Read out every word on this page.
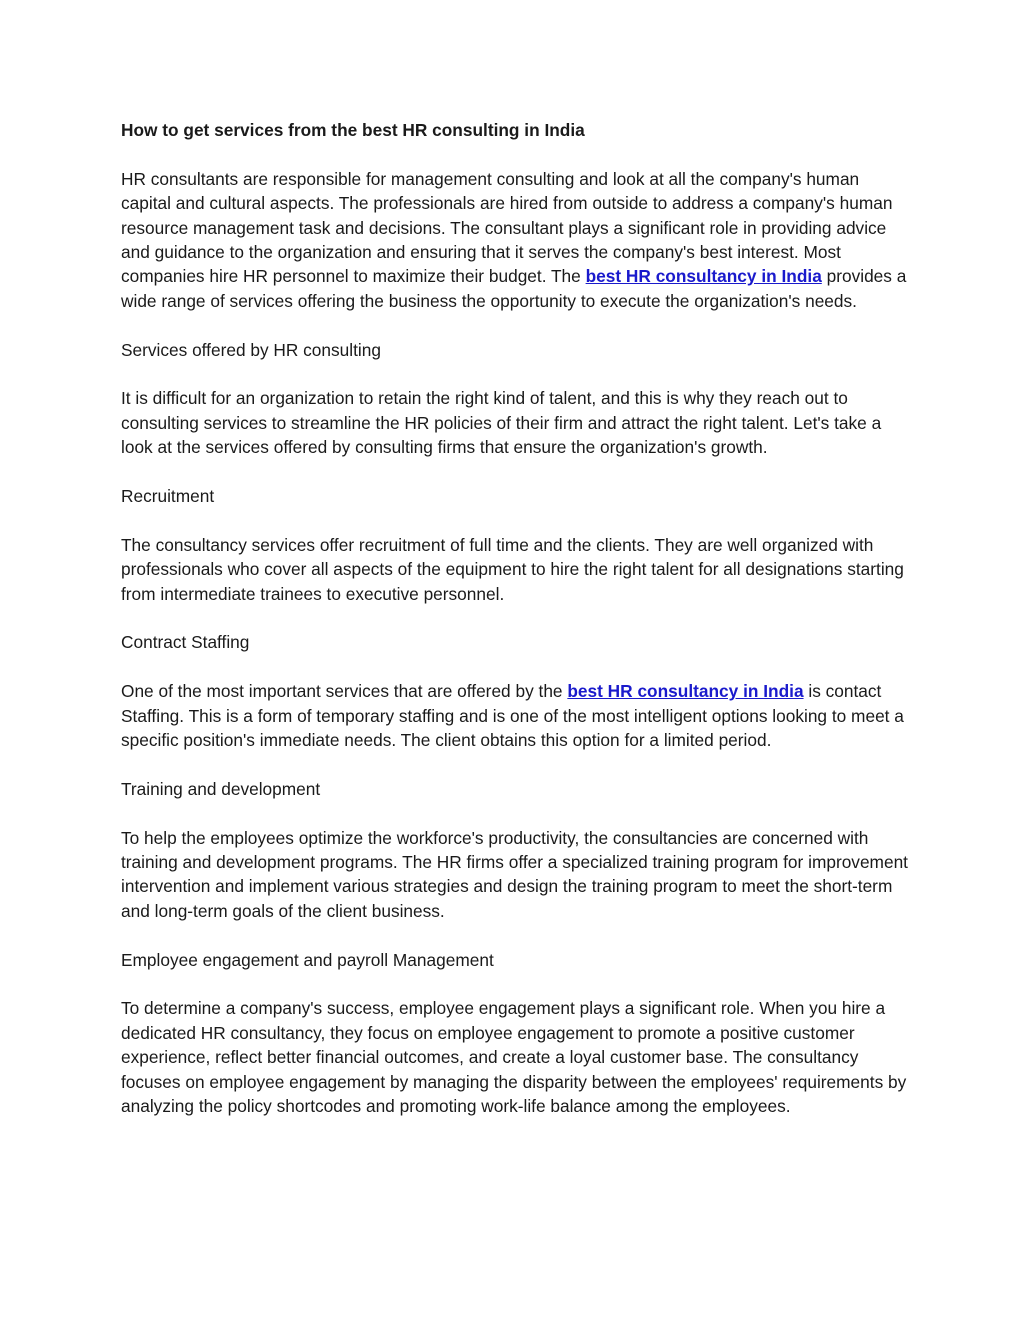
How to get services from the best HR consulting in India

HR consultants are responsible for management consulting and look at all the company's human capital and cultural aspects. The professionals are hired from outside to address a company's human resource management task and decisions. The consultant plays a significant role in providing advice and guidance to the organization and ensuring that it serves the company's best interest. Most companies hire HR personnel to maximize their budget. The best HR consultancy in India provides a wide range of services offering the business the opportunity to execute the organization's needs.

Services offered by HR consulting

It is difficult for an organization to retain the right kind of talent, and this is why they reach out to consulting services to streamline the HR policies of their firm and attract the right talent. Let's take a look at the services offered by consulting firms that ensure the organization's growth.

Recruitment

The consultancy services offer recruitment of full time and the clients. They are well organized with professionals who cover all aspects of the equipment to hire the right talent for all designations starting from intermediate trainees to executive personnel.

Contract Staffing

One of the most important services that are offered by the best HR consultancy in India is contact Staffing. This is a form of temporary staffing and is one of the most intelligent options looking to meet a specific position's immediate needs. The client obtains this option for a limited period.

Training and development

To help the employees optimize the workforce's productivity, the consultancies are concerned with training and development programs. The HR firms offer a specialized training program for improvement intervention and implement various strategies and design the training program to meet the short-term and long-term goals of the client business.

Employee engagement and payroll Management

To determine a company's success, employee engagement plays a significant role. When you hire a dedicated HR consultancy, they focus on employee engagement to promote a positive customer experience, reflect better financial outcomes, and create a loyal customer base. The consultancy focuses on employee engagement by managing the disparity between the employees' requirements by analyzing the policy shortcodes and promoting work-life balance among the employees.
